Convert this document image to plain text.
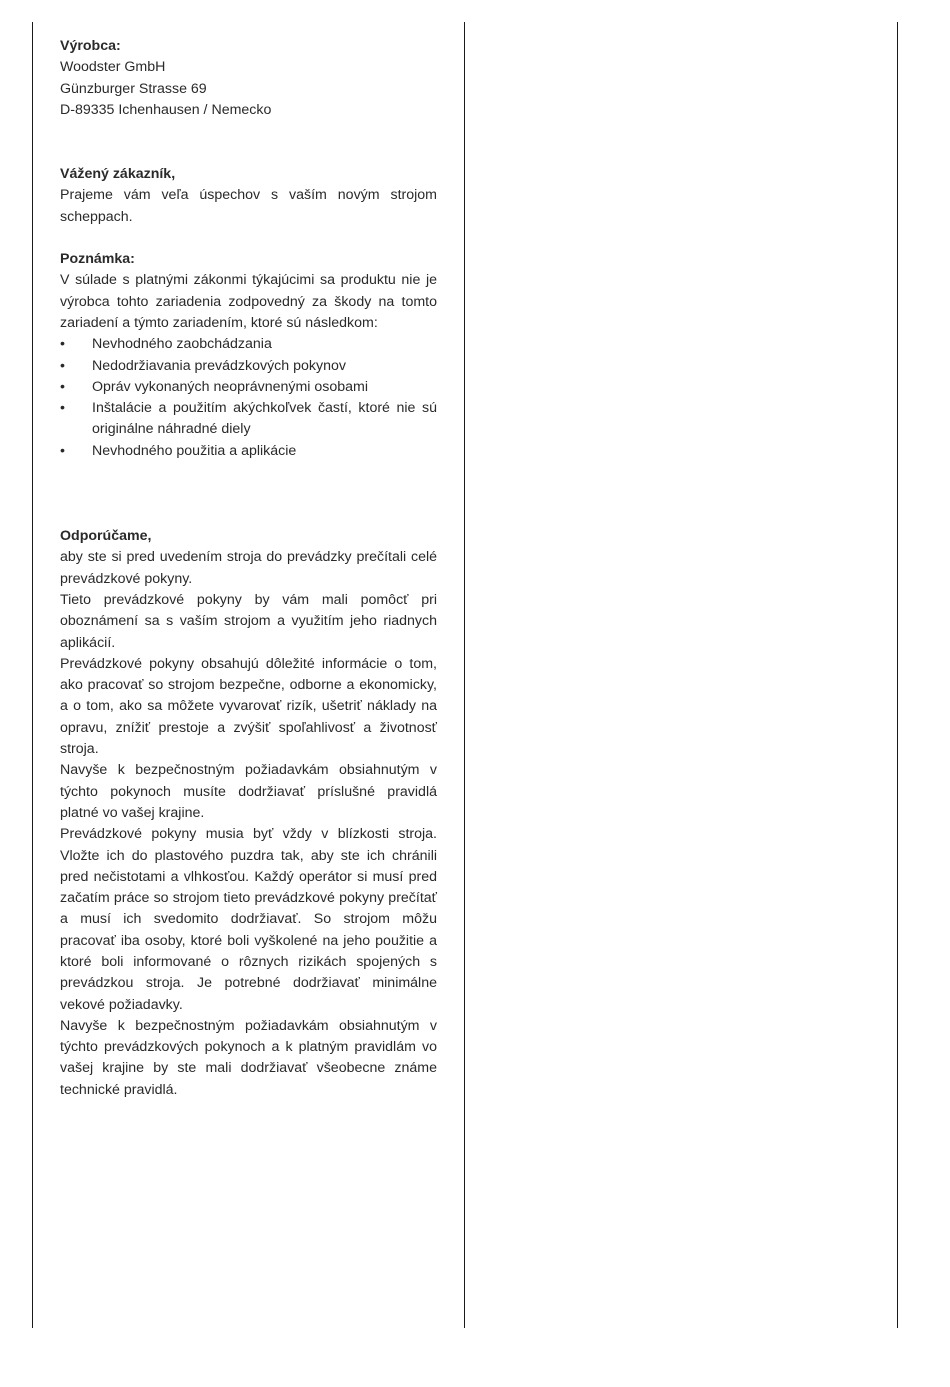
Výrobca:
Woodster GmbH
Günzburger Strasse 69
D-89335 Ichenhausen / Nemecko
Vážený zákazník,

Prajeme vám veľa úspechov s vaším novým strojom scheppach.

Poznámka:

V súlade s platnými zákonmi týkajúcimi sa produktu nie je výrobca tohto zariadenia zodpovedný za škody na tomto zariadení a týmto zariadením, ktoré sú následkom:

• Nevhodného zaobchádzania
• Nedodržiavania prevádzkových pokynov
• Opráv vykonaných neoprávnenými osobami
• Inštalácie a použitím akýchkoľvek častí, ktoré nie sú originálne náhradné diely
• Nevhodného použitia a aplikácie
Odporúčame,

aby ste si pred uvedením stroja do prevádzky prečítali celé prevádzkové pokyny.

Tieto prevádzkové pokyny by vám mali pomôcť pri oboznámení sa s vaším strojom a využitím jeho riadnych aplikácií.

Prevádzkové pokyny obsahujú dôležité informácie o tom, ako pracovať so strojom bezpečne, odborne a ekonomicky, a o tom, ako sa môžete vyvarovať rizík, ušetriť náklady na opravu, znížiť prestoje a zvýšiť spoľahlivosť a životnosť stroja.

Navyše k bezpečnostným požiadavkám obsiahnutým v týchto pokynoch musíte dodržiavať príslušné pravidlá platné vo vašej krajine.

Prevádzkové pokyny musia byť vždy v blízkosti stroja. Vložte ich do plastového puzdra tak, aby ste ich chránili pred nečistotami a vlhkosťou. Každý operátor si musí pred začatím práce so strojom tieto prevádzkové pokyny prečítať a musí ich svedomito dodržiavať. So strojom môžu pracovať iba osoby, ktoré boli vyškolené na jeho použitie a ktoré boli informované o rôznych rizikách spojených s prevádzkou stroja. Je potrebné dodržiavať minimálne vekové požiadavky.

Navyše k bezpečnostným požiadavkám obsiahnutým v týchto prevádzkových pokynoch a k platným pravidlám vo vašej krajine by ste mali dodržiavať všeobecne známe technické pravidlá.
